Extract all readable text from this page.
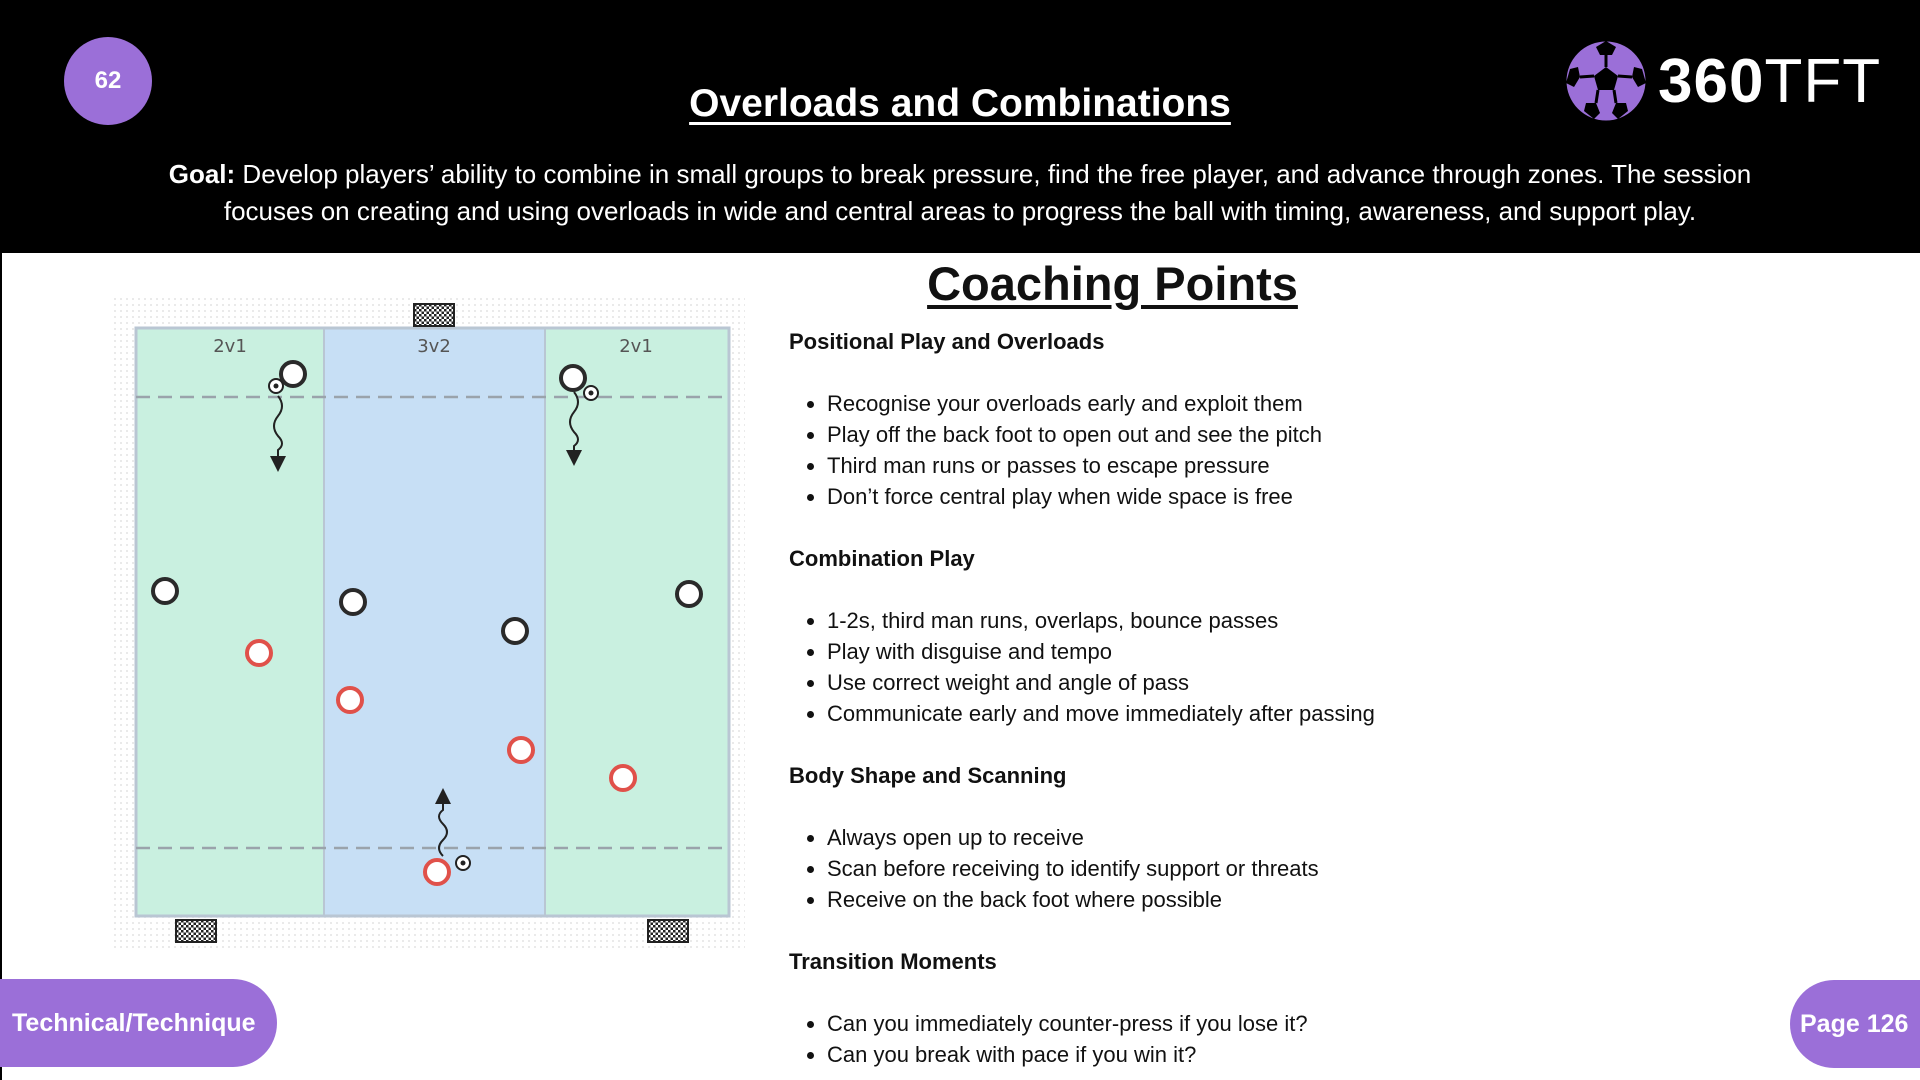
62
Overloads and Combinations
Goal: Develop players’ ability to combine in small groups to break pressure, find the free player, and advance through zones. The session focuses on creating and using overloads in wide and central areas to progress the ball with timing, awareness, and support play.
360TFT
2v1	3v2	2v1
Coaching Points
Positional Play and Overloads
Recognise your overloads early and exploit them
Play off the back foot to open out and see the pitch
Third man runs or passes to escape pressure
Don’t force central play when wide space is free
Combination Play
1-2s, third man runs, overlaps, bounce passes
Play with disguise and tempo
Use correct weight and angle of pass
Communicate early and move immediately after passing
Body Shape and Scanning
Always open up to receive
Scan before receiving to identify support or threats
Receive on the back foot where possible
Transition Moments
Can you immediately counter-press if you lose it?
Can you break with pace if you win it?
Technical/Technique	Page 126
